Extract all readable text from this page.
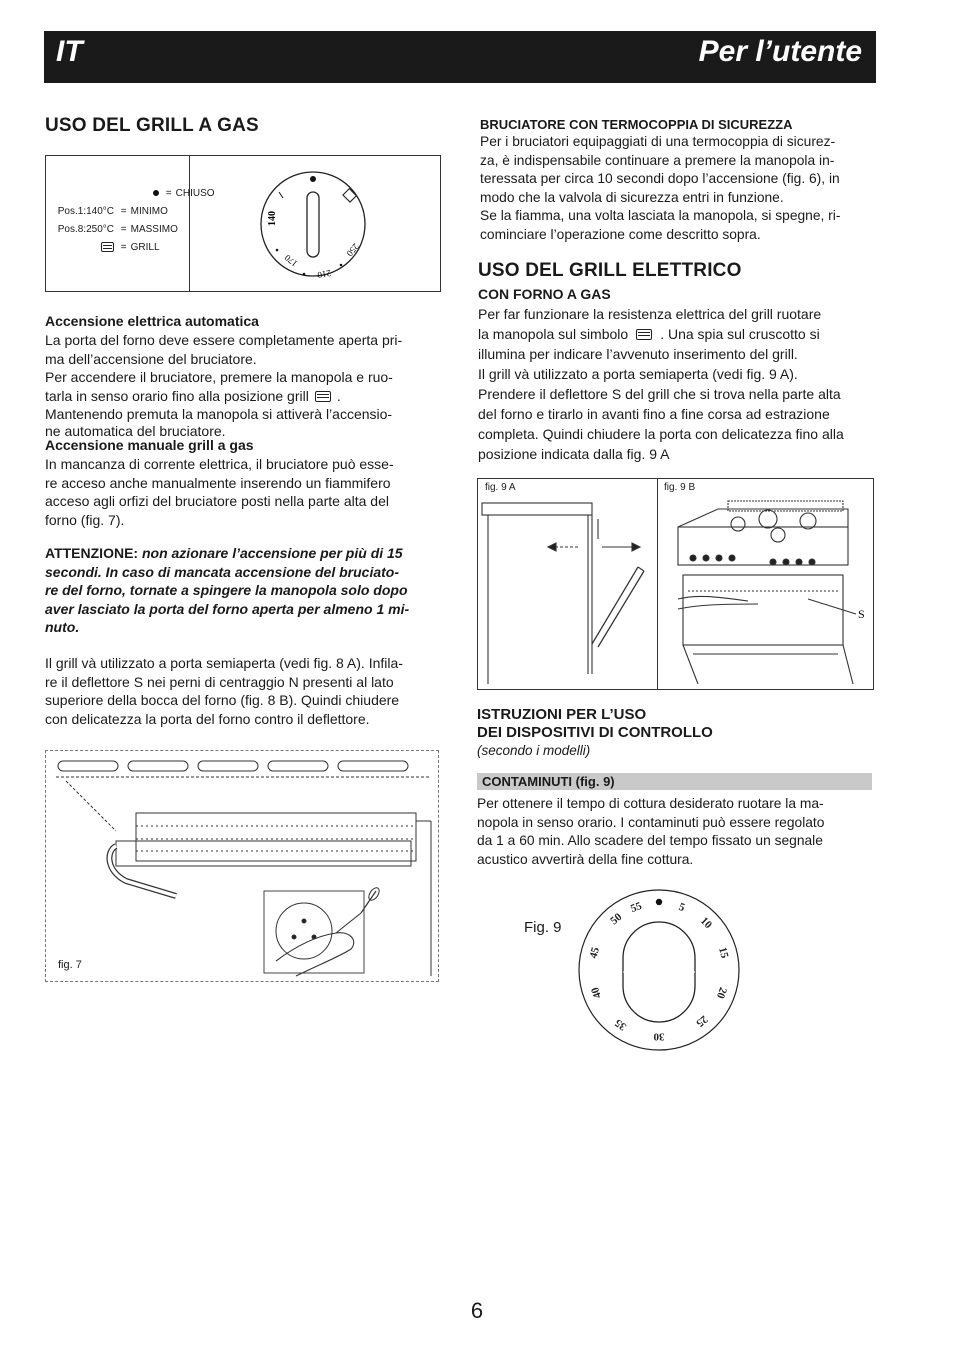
IT	Per l’utente
USO DEL GRILL A GAS
= CHIUSO
Pos.1:140°C = MINIMO
Pos.8:250°C = MASSIMO
= GRILL
140
170
210
250
Accensione elettrica automatica
La porta del forno deve essere completamente aperta pri-
ma dell’accensione del bruciatore.
Per accendere il bruciatore, premere la manopola e ruo-
tarla in senso orario fino alla posizione grill .
Mantenendo premuta la manopola si attiverà l’accensio-
ne automatica del bruciatore.
Accensione manuale grill a gas
In mancanza di corrente elettrica, il bruciatore può esse-
re acceso anche manualmente inserendo un fiammifero
acceso agli orfizi del bruciatore posti nella parte alta del
forno (fig. 7).
ATTENZIONE: non azionare l’accensione per più di 15
secondi. In caso di mancata accensione del bruciato-
re del forno, tornate a spingere la manopola solo dopo
aver lasciato la porta del forno aperta per almeno 1 mi-
nuto.
Il grill và utilizzato a porta semiaperta (vedi fig. 8 A). Infila-
re il deflettore S nei perni di centraggio N presenti al lato
superiore della bocca del forno (fig. 8 B). Quindi chiudere
con delicatezza la porta del forno contro il deflettore.
fig. 7
BRUCIATORE CON TERMOCOPPIA DI SICUREZZA
Per i bruciatori equipaggiati di una termocoppia di sicurez-
za, è indispensabile continuare a premere la manopola in-
teressata per circa 10 secondi dopo l’accensione (fig. 6), in
modo che la valvola di sicurezza entri in funzione.
Se la fiamma, una volta lasciata la manopola, si spegne, ri-
cominciare l’operazione come descritto sopra.
USO DEL GRILL ELETTRICO
CON FORNO A GAS
Per far funzionare la resistenza elettrica del grill ruotare
la manopola sul simbolo . Una spia sul cruscotto si
illumina per indicare l’avvenuto inserimento del grill.
Il grill và utilizzato a porta semiaperta (vedi fig. 9 A).
Prendere il deflettore S del grill che si trova nella parte alta
del forno e tirarlo in avanti fino a fine corsa ad estrazione
completa. Quindi chiudere la porta con delicatezza fino alla
posizione indicata dalla fig. 9 A
fig. 9 A	fig. 9 B
S
ISTRUZIONI PER L’USO
DEI DISPOSITIVI DI CONTROLLO
(secondo i modelli)
CONTAMINUTI (fig. 9)
Per ottenere il tempo di cottura desiderato ruotare la ma-
nopola in senso orario. I contaminuti può essere regolato
da 1 a 60 min. Allo scadere del tempo fissato un segnale
acustico avvertirà della fine cottura.
Fig. 9
55	5
10
15
20
25
30
35
40
45
50
6
